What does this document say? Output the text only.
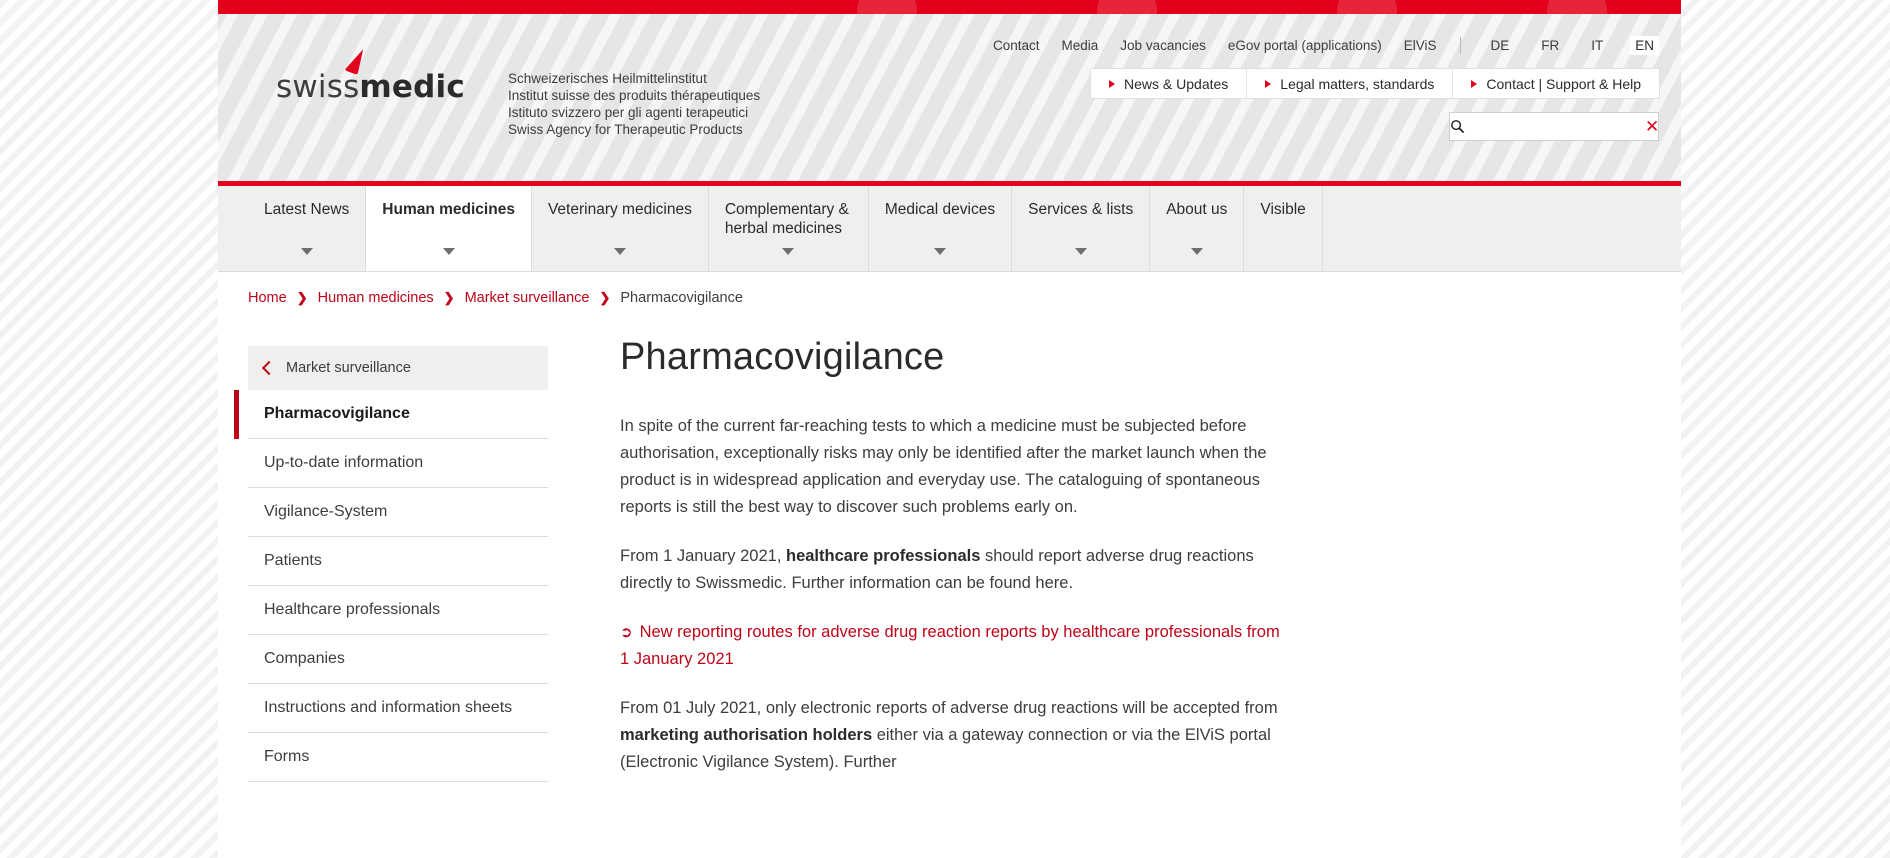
swissmedic	Schweizerisches Heilmittelinstitut
Institut suisse des produits thérapeutiques
Istituto svizzero per gli agenti terapeutici
Swiss Agency for Therapeutic Products
Contact Media Job vacancies eGov portal (applications) ElViS	DE	FR	IT	EN
News & Updates	Legal matters, standards	Contact | Support & Help
✕
Latest News	Human medicines	Veterinary medicines	Complementary & herbal medicines
Medical devices	Services & lists	About us	Visible
Home ❯ Human medicines ❯ Market surveillance ❯ Pharmacovigilance
Market surveillance
Pharmacovigilance
Up-to-date information
Vigilance-System
Patients
Healthcare professionals
Companies
Instructions and information sheets
Forms
Pharmacovigilance

In spite of the current far-reaching tests to which a medicine must be subjected before authorisation, exceptionally risks may only be identified after the market launch when the product is in widespread application and everyday use. The cataloguing of spontaneous reports is still the best way to discover such problems early on.

From 1 January 2021, healthcare professionals should report adverse drug reactions directly to Swissmedic. Further information can be found here.

➲ New reporting routes for adverse drug reaction reports by healthcare professionals from 1 January 2021

From 01 July 2021, only electronic reports of adverse drug reactions will be accepted from marketing authorisation holders either via a gateway connection or via the ElViS portal (Electronic Vigilance System). Further
